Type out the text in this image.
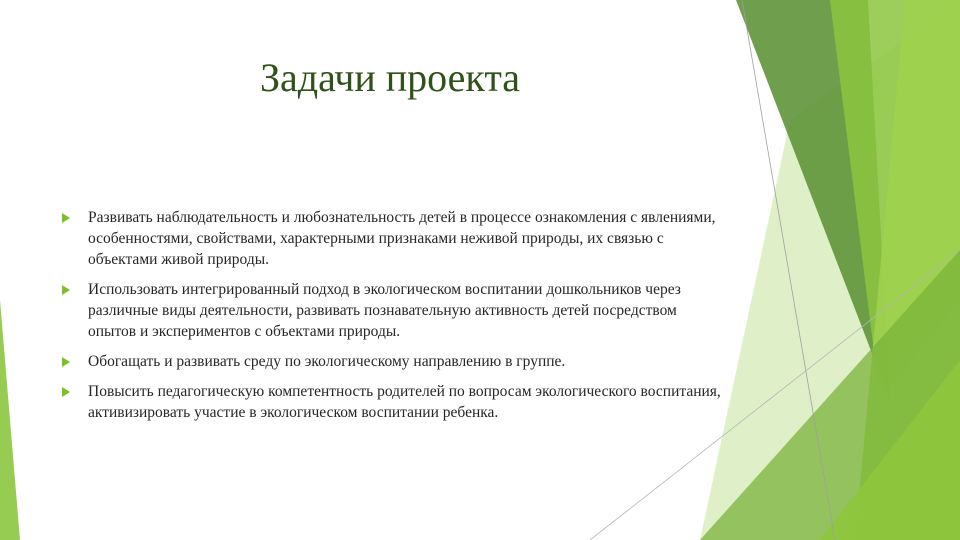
Задачи проекта
Развивать наблюдательность и любознательность детей в процессе ознакомления с явлениями, особенностями, свойствами, характерными признаками неживой природы, их связью с объектами живой природы.
Использовать интегрированный подход в экологическом воспитании дошкольников через различные виды деятельности, развивать познавательную активность детей посредством опытов и экспериментов с объектами природы.
Обогащать и развивать среду по экологическому направлению в группе.
Повысить педагогическую компетентность родителей по вопросам экологического воспитания, активизировать участие в экологическом воспитании ребенка.
